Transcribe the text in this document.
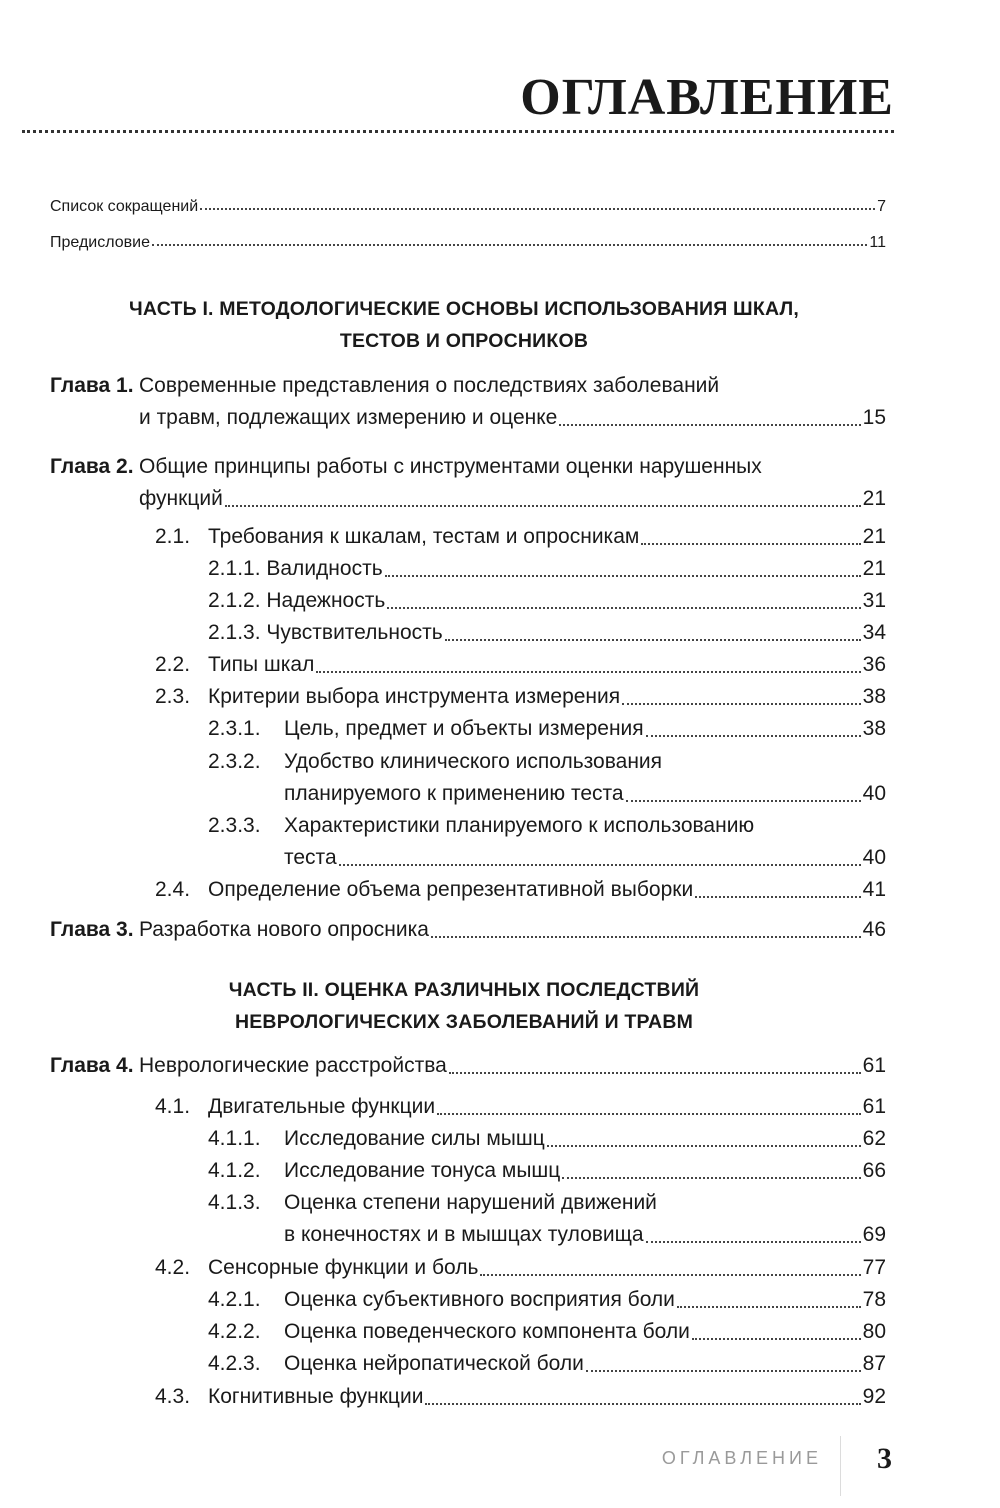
ОГЛАВЛЕНИЕ
Список сокращений	7
Предисловие	11
ЧАСТЬ I. МЕТОДОЛОГИЧЕСКИЕ ОСНОВЫ ИСПОЛЬЗОВАНИЯ ШКАЛ,
ТЕСТОВ И ОПРОСНИКОВ
Глава 1. Современные представления о последствиях заболеваний
и травм, подлежащих измерению и оценке	15
Глава 2. Общие принципы работы с инструментами оценки нарушенных
функций	21
2.1. Требования к шкалам, тестам и опросникам	21
2.1.1. Валидность	21
2.1.2. Надежность	31
2.1.3. Чувствительность	34
2.2. Типы шкал	36
2.3. Критерии выбора инструмента измерения	38
2.3.1. Цель, предмет и объекты измерения	38
2.3.2. Удобство клинического использования
планируемого к применению теста	40
2.3.3. Характеристики планируемого к использованию
теста	40
2.4. Определение объема репрезентативной выборки	41
Глава 3. Разработка нового опросника	46
ЧАСТЬ II. ОЦЕНКА РАЗЛИЧНЫХ ПОСЛЕДСТВИЙ
НЕВРОЛОГИЧЕСКИХ ЗАБОЛЕВАНИЙ И ТРАВМ
Глава 4. Неврологические расстройства	61
4.1. Двигательные функции	61
4.1.1. Исследование силы мышц	62
4.1.2. Исследование тонуса мышц	66
4.1.3. Оценка степени нарушений движений
в конечностях и в мышцах туловища	69
4.2. Сенсорные функции и боль	77
4.2.1. Оценка субъективного восприятия боли	78
4.2.2. Оценка поведенческого компонента боли	80
4.2.3. Оценка нейропатической боли	87
4.3. Когнитивные функции	92
ОГЛАВЛЕНИЕ 3
